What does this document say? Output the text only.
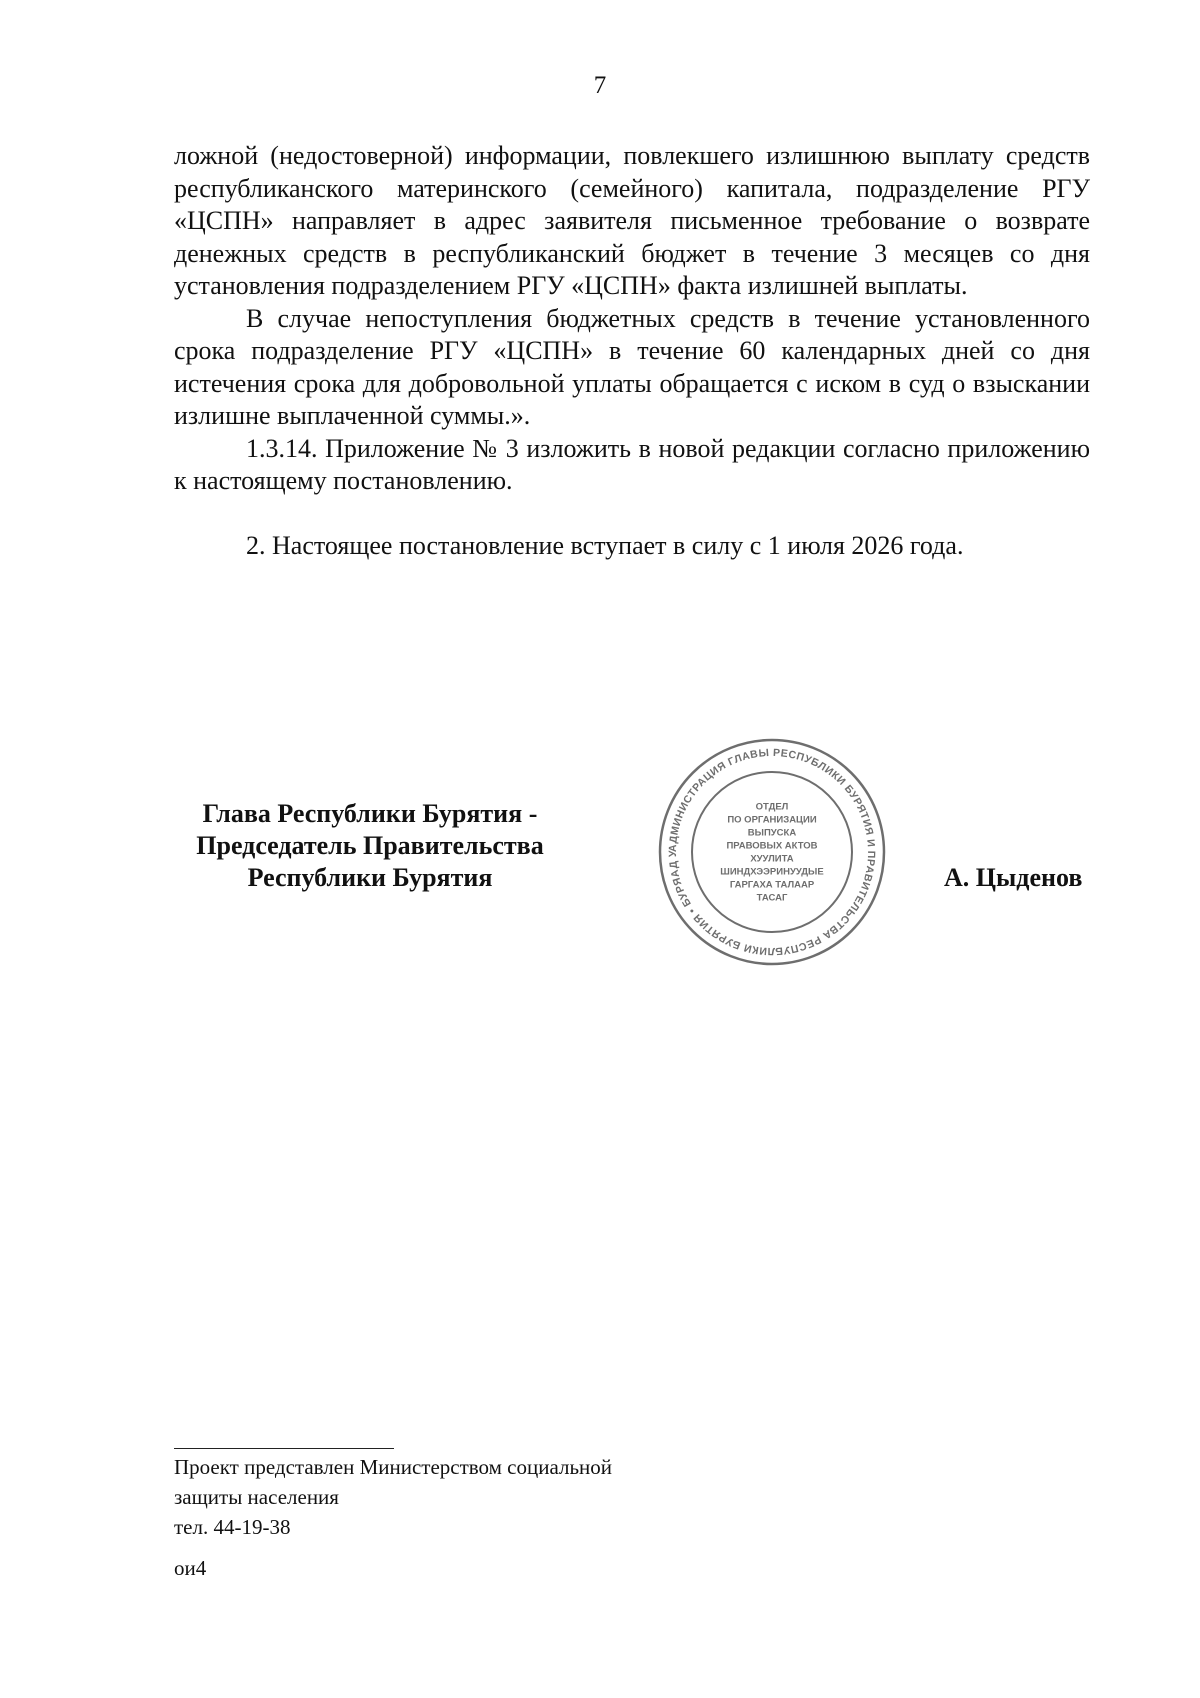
7

ложной (недостоверной) информации, повлекшего излишнюю выплату средств республиканского материнского (семейного) капитала, подразделение РГУ «ЦСПН» направляет в адрес заявителя письменное требование о возврате денежных средств в республиканский бюджет в течение 3 месяцев со дня установления подразделением РГУ «ЦСПН» факта излишней выплаты.

В случае непоступления бюджетных средств в течение установленного срока подразделение РГУ «ЦСПН» в течение 60 календарных дней со дня истечения срока для добровольной уплаты обращается с иском в суд о взыскании излишне выплаченной суммы.».

1.3.14. Приложение № 3 изложить в новой редакции согласно приложению к настоящему постановлению.

2. Настоящее постановление вступает в силу с 1 июля 2026 года.

Глава Республики Бурятия -
Председатель Правительства
Республики Бурятия
АДМИНИСТРАЦИЯ ГЛАВЫ РЕСПУБЛИКИ БУРЯТИЯ И ПРАВИТЕЛЬСТВА РЕСПУБЛИКИ БУРЯТИЯ • БУРЯАД У
ОТДЕЛ
ПО ОРГАНИЗАЦИИ
ВЫПУСКА
ПРАВОВЫХ АКТОВ
ХУУЛИТА
ШИНДХЭЭРИНУУДЫЕ
ГАРГАХА ТАЛААР
ТАСАГ
А. Цыденов
Проект представлен Министерством социальной
защиты населения
тел. 44-19-38
ои4
